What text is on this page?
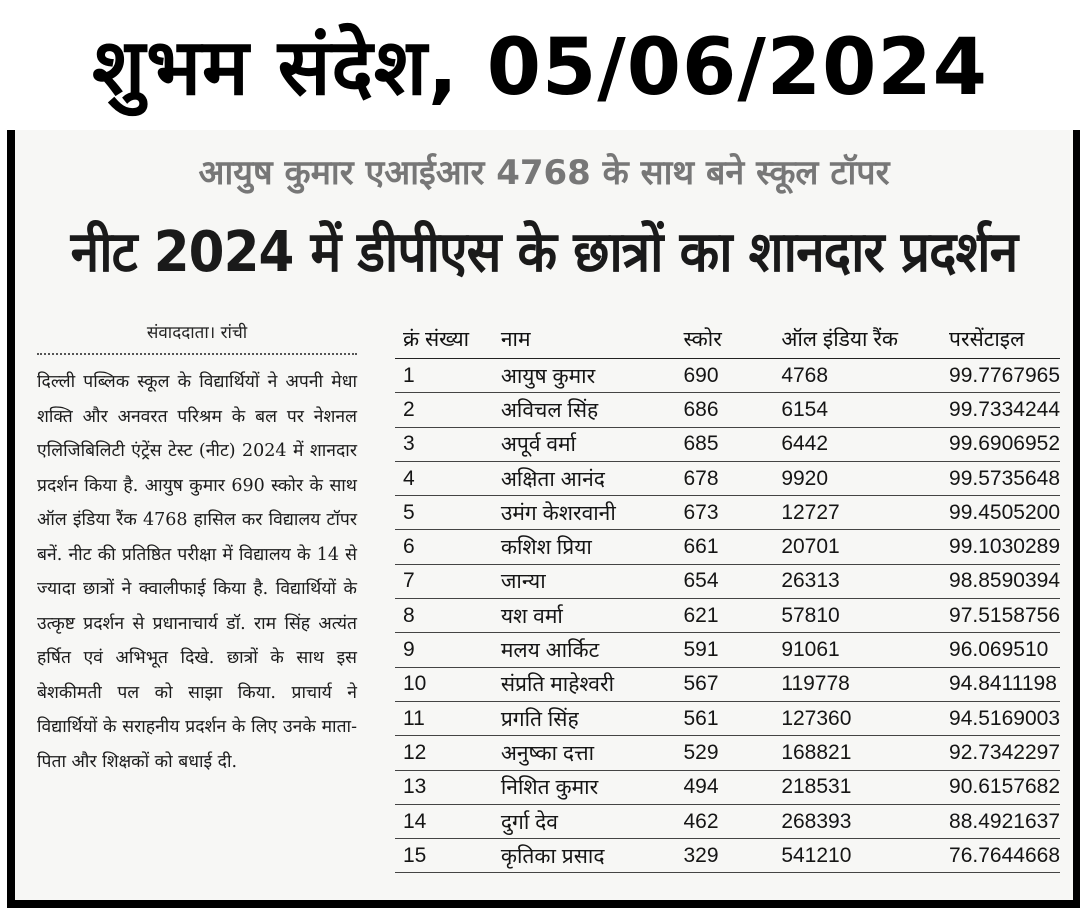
शुभम संदेश, 05/06/2024
आयुष कुमार एआईआर 4768 के साथ बने स्कूल टॉपर
नीट 2024 में डीपीएस के छात्रों का शानदार प्रदर्शन
संवाददाता। रांची
दिल्ली पब्लिक स्कूल के विद्यार्थियों ने अपनी मेधा शक्ति और अनवरत परिश्रम के बल पर नेशनल एलिजिबिलिटी एंट्रेंस टेस्ट (नीट) 2024 में शानदार प्रदर्शन किया है. आयुष कुमार 690 स्कोर के साथ ऑल इंडिया रैंक 4768 हासिल कर विद्यालय टॉपर बनें. नीट की प्रतिष्ठित परीक्षा में विद्यालय के 14 से ज्यादा छात्रों ने क्वालीफाई किया है. विद्यार्थियों के उत्कृष्ट प्रदर्शन से प्रधानाचार्य डॉ. राम सिंह अत्यंत हर्षित एवं अभिभूत दिखे. छात्रों के साथ इस बेशकीमती पल को साझा किया. प्राचार्य ने विद्यार्थियों के सराहनीय प्रदर्शन के लिए उनके माता-पिता और शिक्षकों को बधाई दी.
क्रं संख्या	नाम	स्कोर	ऑल इंडिया रैंक	परसेंटाइल
1	आयुष कुमार	690	4768	99.7767965
2	अविचल सिंह	686	6154	99.7334244
3	अपूर्व वर्मा	685	6442	99.6906952
4	अक्षिता आनंद	678	9920	99.5735648
5	उमंग केशरवानी	673	12727	99.4505200
6	कशिश प्रिया	661	20701	99.1030289
7	जान्या	654	26313	98.8590394
8	यश वर्मा	621	57810	97.5158756
9	मलय आर्किट	591	91061	96.069510
10	संप्रति माहेश्वरी	567	119778	94.8411198
11	प्रगति सिंह	561	127360	94.5169003
12	अनुष्का दत्ता	529	168821	92.7342297
13	निशित कुमार	494	218531	90.6157682
14	दुर्गा देव	462	268393	88.4921637
15	कृतिका प्रसाद	329	541210	76.7644668
